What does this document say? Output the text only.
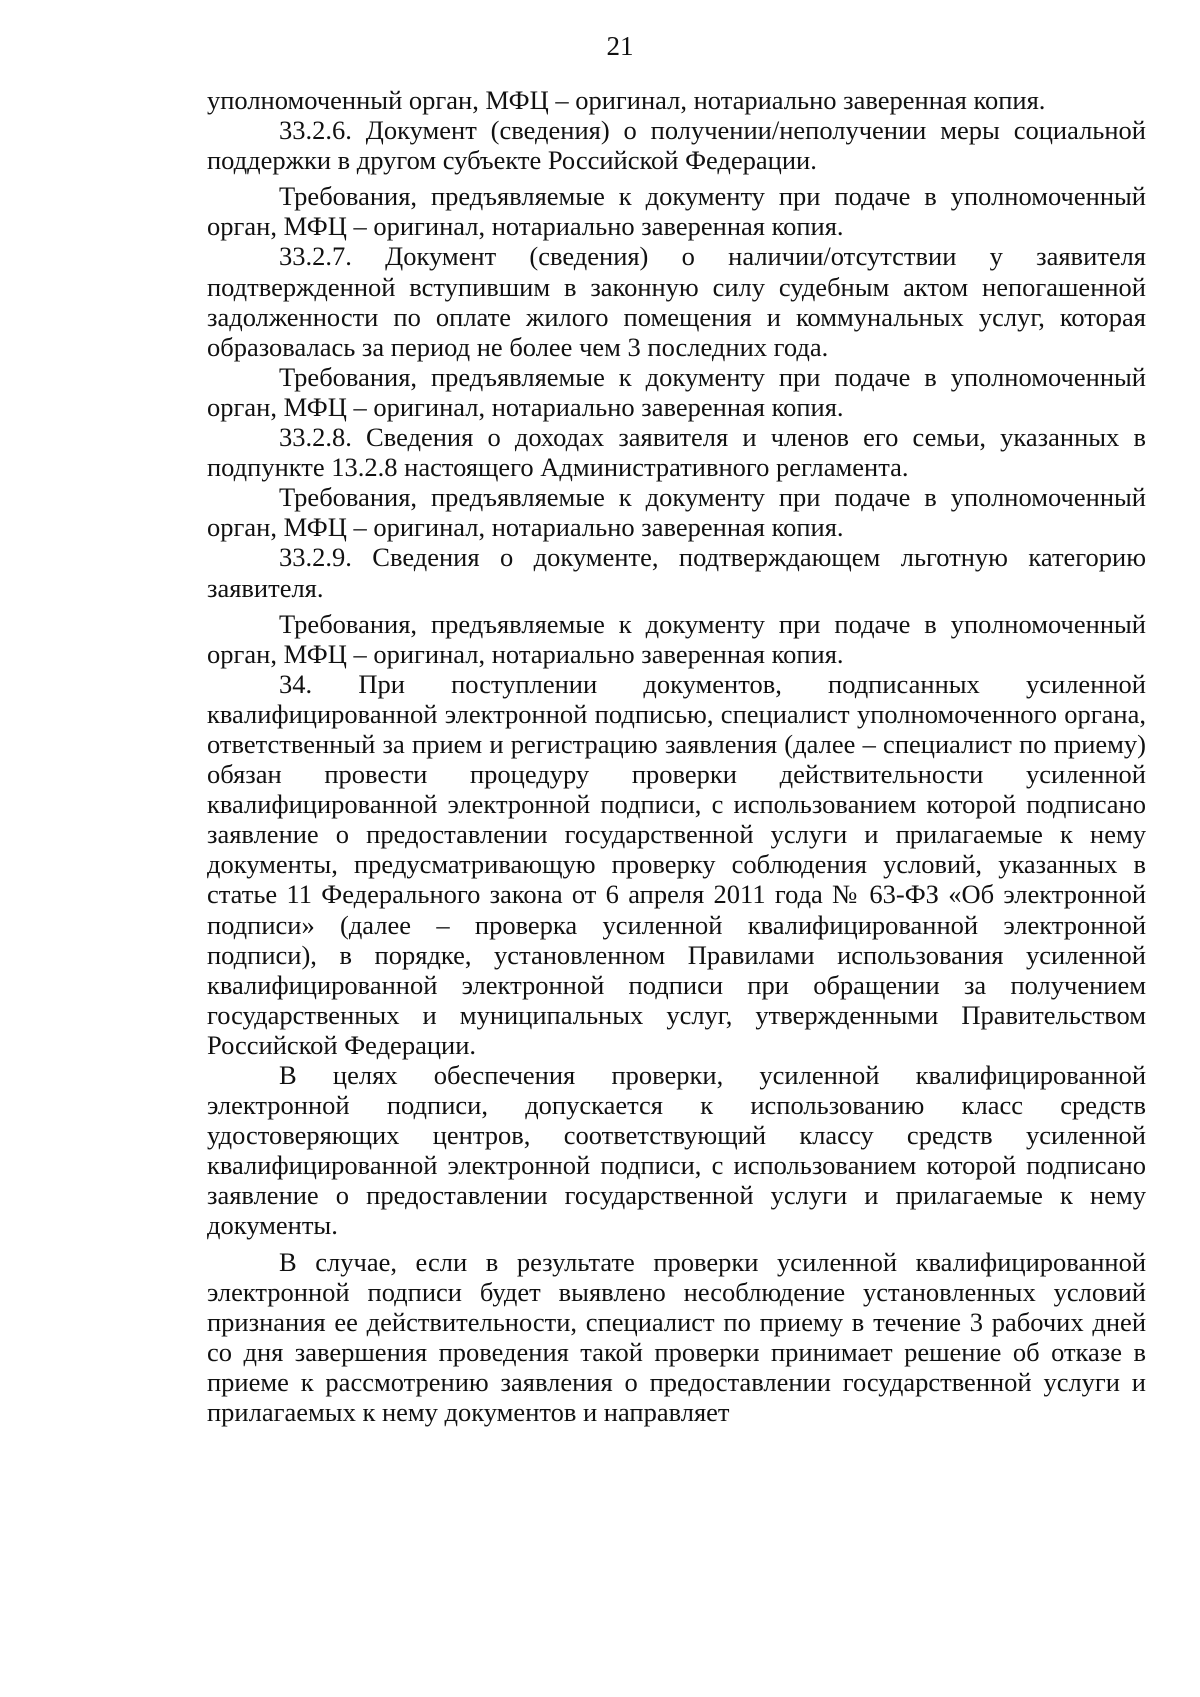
21

уполномоченный орган, МФЦ – оригинал, нотариально заверенная копия.

33.2.6. Документ (сведения) о получении/неполучении меры социальной поддержки в другом субъекте Российской Федерации.

Требования, предъявляемые к документу при подаче в уполномоченный орган, МФЦ – оригинал, нотариально заверенная копия.

33.2.7. Документ (сведения) о наличии/отсутствии у заявителя подтвержденной вступившим в законную силу судебным актом непогашенной задолженности по оплате жилого помещения и коммунальных услуг, которая образовалась за период не более чем 3 последних года.

Требования, предъявляемые к документу при подаче в уполномоченный орган, МФЦ – оригинал, нотариально заверенная копия.

33.2.8. Сведения о доходах заявителя и членов его семьи, указанных в подпункте 13.2.8 настоящего Административного регламента.

Требования, предъявляемые к документу при подаче в уполномоченный орган, МФЦ – оригинал, нотариально заверенная копия.

33.2.9. Сведения о документе, подтверждающем льготную категорию заявителя.

Требования, предъявляемые к документу при подаче в уполномоченный орган, МФЦ – оригинал, нотариально заверенная копия.

34. При поступлении документов, подписанных усиленной квалифицированной электронной подписью, специалист уполномоченного органа, ответственный за прием и регистрацию заявления (далее – специалист по приему) обязан провести процедуру проверки действительности усиленной квалифицированной электронной подписи, с использованием которой подписано заявление о предоставлении государственной услуги и прилагаемые к нему документы, предусматривающую проверку соблюдения условий, указанных в статье 11 Федерального закона от 6 апреля 2011 года № 63-ФЗ «Об электронной подписи» (далее – проверка усиленной квалифицированной электронной подписи), в порядке, установленном Правилами использования усиленной квалифицированной электронной подписи при обращении за получением государственных и муниципальных услуг, утвержденными Правительством Российской Федерации.

В целях обеспечения проверки, усиленной квалифицированной электронной подписи, допускается к использованию класс средств удостоверяющих центров, соответствующий классу средств усиленной квалифицированной электронной подписи, с использованием которой подписано заявление о предоставлении государственной услуги и прилагаемые к нему документы.

В случае, если в результате проверки усиленной квалифицированной электронной подписи будет выявлено несоблюдение установленных условий признания ее действительности, специалист по приему в течение 3 рабочих дней со дня завершения проведения такой проверки принимает решение об отказе в приеме к рассмотрению заявления о предоставлении государственной услуги и прилагаемых к нему документов и направляет
